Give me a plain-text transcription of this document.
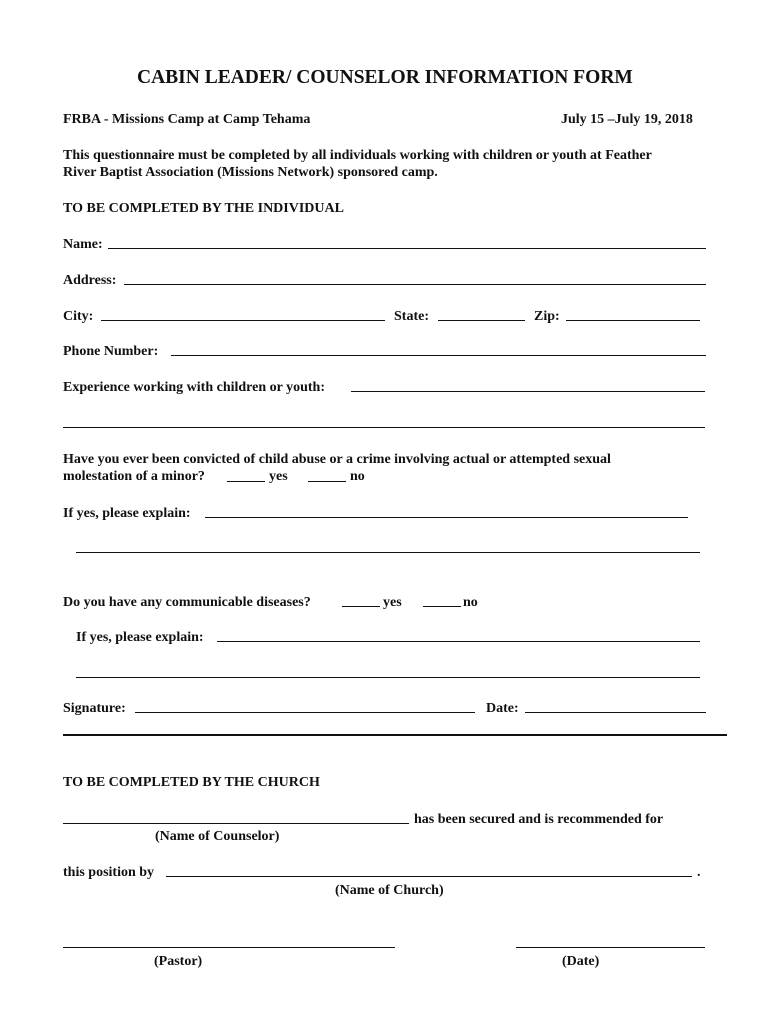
CABIN LEADER/ COUNSELOR INFORMATION FORM
FRBA - Missions Camp at Camp Tehama	July 15 –July 19, 2018
This questionnaire must be completed by all individuals working with children or youth at Feather
River Baptist Association (Missions Network) sponsored camp.
TO BE COMPLETED BY THE INDIVIDUAL
Name:
Address:
City:	State:	Zip:
Phone Number:
Experience working with children or youth:
Have you ever been convicted of child abuse or a crime involving actual or attempted sexual
molestation of a minor?	yes	no
If yes, please explain:
Do you have any communicable diseases?	yes	no
If yes, please explain:
Signature:	Date:
TO BE COMPLETED BY THE CHURCH
has been secured and is recommended for
(Name of Counselor)
this position by	.
(Name of Church)
(Pastor)	(Date)
